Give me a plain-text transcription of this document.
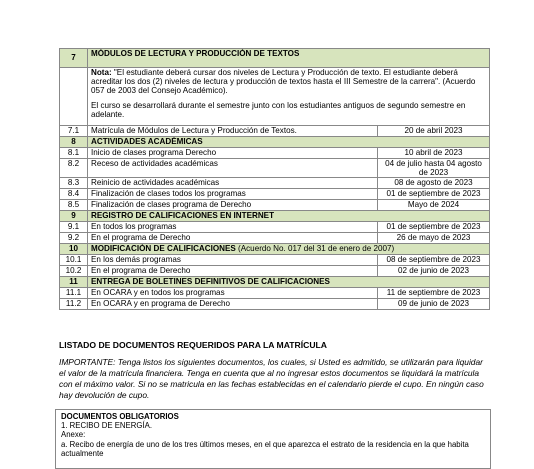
7	MÓDULOS DE LECTURA Y PRODUCCIÓN DE TEXTOS	

	Nota: "El estudiante deberá cursar dos niveles de Lectura y Producción de texto. El estudiante deberá acreditar los dos (2) niveles de lectura y producción de textos hasta el III Semestre de la carrera". (Acuerdo 057 de 2003 del Consejo Académico).

El curso se desarrollará durante el semestre junto con los estudiantes antiguos de segundo semestre en adelante.	

7.1	Matrícula de Módulos de Lectura y Producción de Textos.	20 de abril 2023
8	ACTIVIDADES ACADÉMICAS	
8.1	Inicio de clases programa Derecho	10 abril de 2023
8.2	Receso de actividades académicas	04 de julio hasta 04 agosto de 2023
8.3	Reinicio de actividades académicas	08 de agosto de 2023
8.4	Finalización de clases todos los programas	01 de septiembre de 2023
8.5	Finalización de clases programa de Derecho	Mayo de 2024
9	REGISTRO DE CALIFICACIONES EN INTERNET	
9.1	En todos los programas	01 de septiembre de 2023
9.2	En el programa de Derecho	26 de mayo de 2023
10	MODIFICACIÓN DE CALIFICACIONES (Acuerdo No. 017 del 31 de enero de 2007)	
10.1	En los demás programas	08 de septiembre de 2023
10.2	En el programa de Derecho	02 de junio de 2023
11	ENTREGA DE BOLETINES DEFINITIVOS DE CALIFICACIONES	
11.1	En OCARA y en todos los programas	11 de septiembre de 2023
11.2	En OCARA y en programa de Derecho	09 de junio de 2023

LISTADO DE DOCUMENTOS REQUERIDOS PARA LA MATRÍCULA

IMPORTANTE: Tenga listos los siguientes documentos, los cuales, si Usted es admitido, se utilizarán para liquidar el valor de la matrícula financiera. Tenga en cuenta que al no ingresar estos documentos se liquidará la matrícula con el máximo valor. Si no se matricula en las fechas establecidas en el calendario pierde el cupo. En ningún caso hay devolución de cupo.

DOCUMENTOS OBLIGATORIOS
1. RECIBO DE ENERGÍA.
Anexe:
a. Recibo de energía de uno de los tres últimos meses, en el que aparezca el estrato de la residencia en la que habita actualmente
